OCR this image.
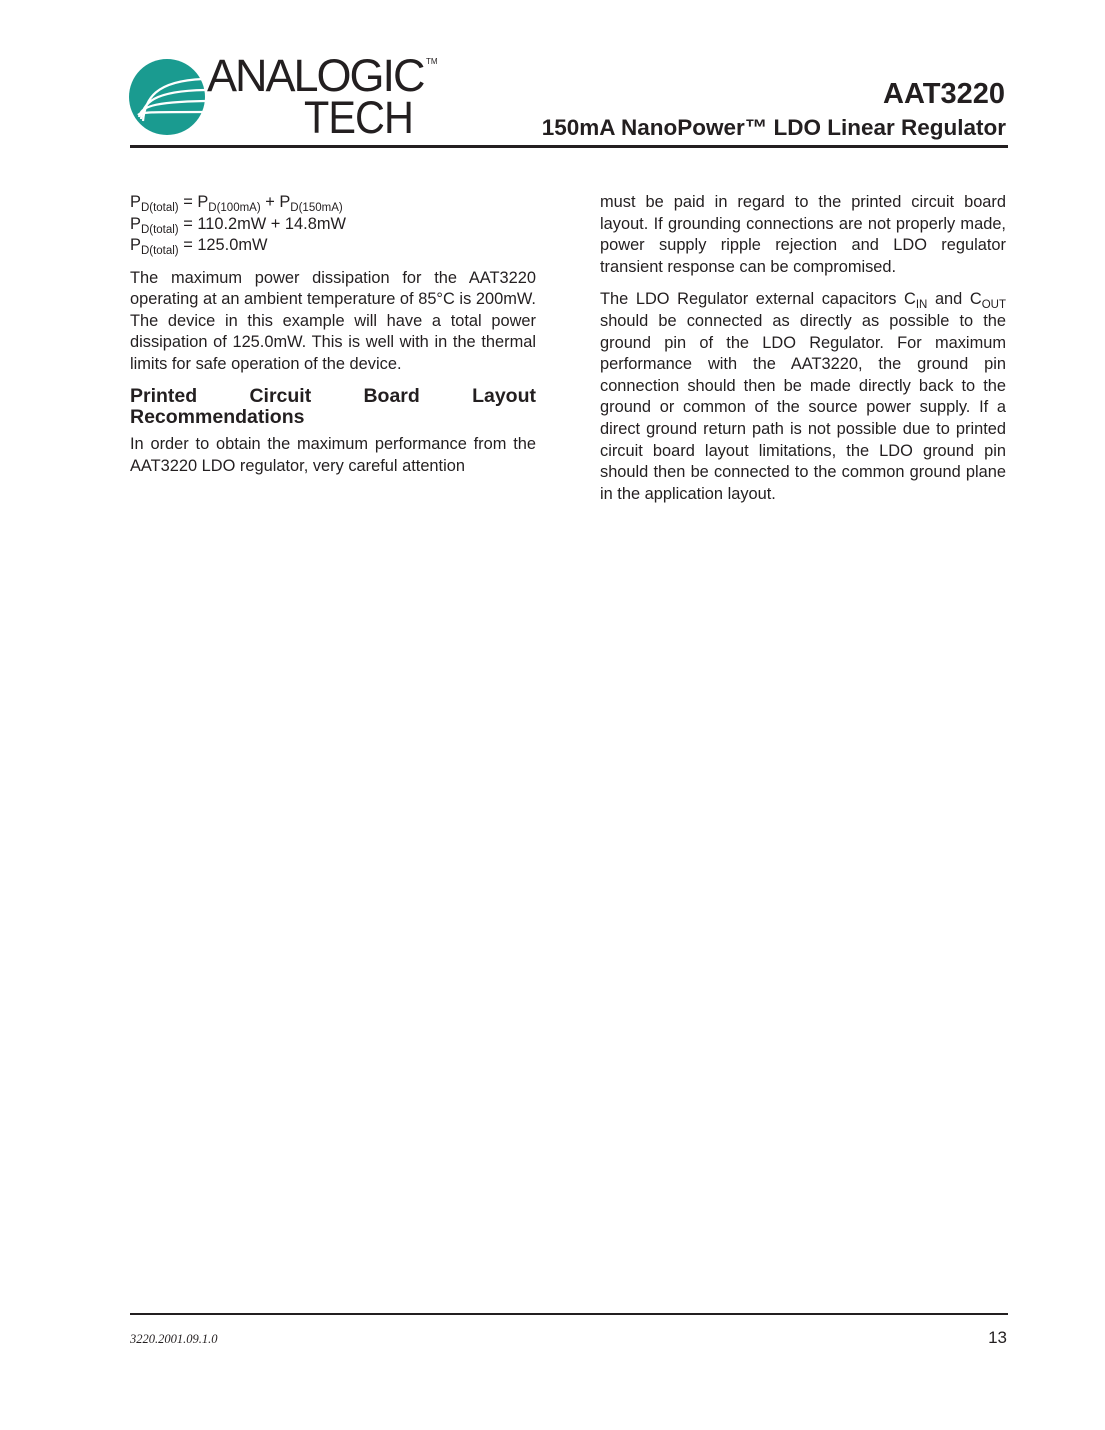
ANALOGIC TM
TECH	AAT3220
150mA NanoPower™ LDO Linear Regulator
$P_{D(total)} = P_{D(100mA)} + P_{D(150mA)}$
$P_{D(total)} = 110.2mW + 14.8mW$
$P_{D(total)} = 125.0mW$

The maximum power dissipation for the AAT3220 operating at an ambient temperature of 85°C is 200mW. The device in this example will have a total power dissipation of 125.0mW. This is well with in the thermal limits for safe operation of the device.

Printed Circuit Board Layout Recommendations

In order to obtain the maximum performance from the AAT3220 LDO regulator, very careful attention

must be paid in regard to the printed circuit board layout. If grounding connections are not properly made, power supply ripple rejection and LDO regulator transient response can be compromised.

The LDO Regulator external capacitors $C_{IN}$ and $C_{OUT}$ should be connected as directly as possible to the ground pin of the LDO Regulator. For maximum performance with the AAT3220, the ground pin connection should then be made directly back to the ground or common of the source power supply. If a direct ground return path is not possible due to printed circuit board layout limitations, the LDO ground pin should then be connected to the common ground plane in the application layout.

3220.2001.09.1.0	13
